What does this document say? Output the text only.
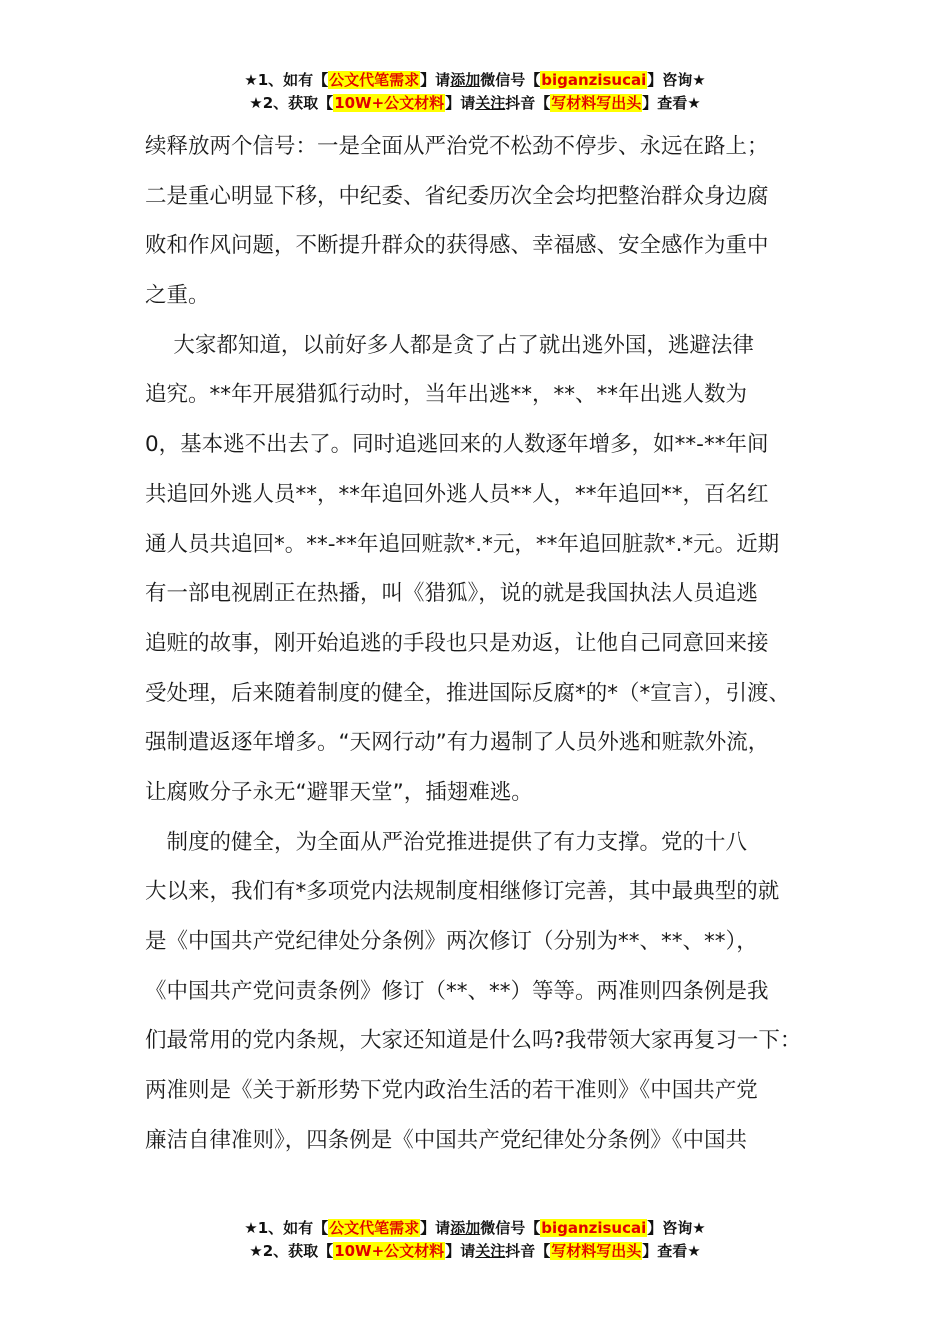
★1、如有【公文代笔需求】请添加微信号【biganzisucai】咨询★
★2、获取【10W+公文材料】请关注抖音【写材料写出头】查看★
续释放两个信号：一是全面从严治党不松劲不停步、永远在路上；
二是重心明显下移，中纪委、省纪委历次全会均把整治群众身边腐
败和作风问题，不断提升群众的获得感、幸福感、安全感作为重中
之重。
　 大家都知道，以前好多人都是贪了占了就出逃外国，逃避法律
追究。**年开展猎狐行动时，当年出逃**，**、**年出逃人数为
0，基本逃不出去了。同时追逃回来的人数逐年增多，如**-**年间
共追回外逃人员**，**年追回外逃人员**人，**年追回**，百名红
通人员共追回*。**-**年追回赃款*.*元，**年追回脏款*.*元。近期
有一部电视剧正在热播，叫《猎狐》，说的就是我国执法人员追逃
追赃的故事，刚开始追逃的手段也只是劝返，让他自己同意回来接
受处理，后来随着制度的健全，推进国际反腐*的*（*宣言），引渡、
强制遣返逐年增多。“天网行动”有力遏制了人员外逃和赃款外流，
让腐败分子永无“避罪天堂”，插翅难逃。
　制度的健全，为全面从严治党推进提供了有力支撑。党的十八
大以来，我们有*多项党内法规制度相继修订完善，其中最典型的就
是《中国共产党纪律处分条例》两次修订（分别为**、**、**），
《中国共产党问责条例》修订（**、**）等等。两准则四条例是我
们最常用的党内条规，大家还知道是什么吗?我带领大家再复习一下：
两准则是《关于新形势下党内政治生活的若干准则》《中国共产党
廉洁自律准则》，四条例是《中国共产党纪律处分条例》《中国共
★1、如有【公文代笔需求】请添加微信号【biganzisucai】咨询★
★2、获取【10W+公文材料】请关注抖音【写材料写出头】查看★
